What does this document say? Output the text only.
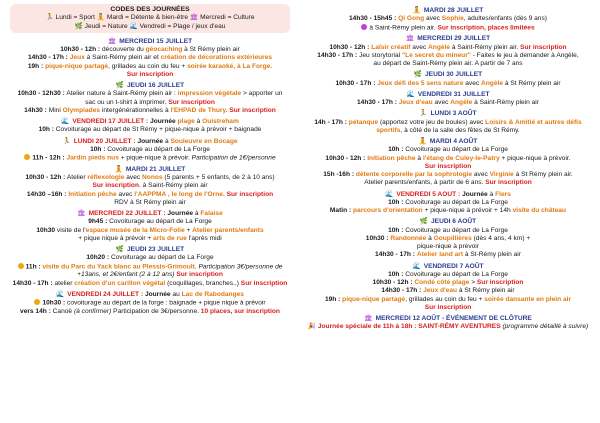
CODES DES JOURNÉES
🏃 Lundi = Sport 🧘 Mardi = Détente & bien-être 🏛 Mercredi = Culture
🌿 Jeudi = Nature 🌊 Vendredi = Plage / jeux d'eau
🏛 MERCREDI 15 JUILLET
10h30 - 12h : découverte du géocaching à St Rémy plein air
14h30 - 17h : Jeux à Saint-Rémy plein air et création de décorations extérieures
19h : pique-nique partagé, grillades au coin du feu + soirée karaoké, à La Forge.
Sur inscription
🌿 JEUDI 16 JUILLET
10h30 - 12h30 : Atelier nature à Saint-Rémy plein air : impression végétale > apporter un
sac ou un t-shirt à imprimer. Sur inscription
14h30 : Mini Olympiades intergénérationnelles à l'EHPAD de Thury. Sur inscription
🌊 VENDREDI 17 JUILLET : Journée plage à Ouistreham
10h : Covoiturage au départ de St Rémy + pique-nique à prévoir + baignade
🏃 LUNDI 20 JUILLET : Journée à Souleuvre en Bocage
10h : Covoiturage au départ de La Forge
11h - 12h : Jardin pieds nus + pique-nique à prévoir. Participation de 1€/personne
🧘 MARDI 21 JUILLET
10h30 - 12h : Atelier réflexologie avec Nonos (5 parents + 5 enfants, de 2 à 10 ans)
Sur inscription. à Saint-Rémy plein air
14h30 –16h : Initiation pêche avec l'AAPPMA , le long de l'Orne. Sur inscription
RDV à St Rémy plein air
🏛 MERCREDI 22 JUILLET : Journée à Falaise
9h45 : Covoiturage au départ de La Forge
10h30 visite de l'espace musée de la Micro-Folie + Atelier parents/enfants
+ pique nique à prévoir + arts de rue l'après midi
🌿 JEUDI 23 JUILLET
10h20 : Covoiturage au départ de La Forge
11h : visite du Parc du Yack blanc au Plessis-Grimoult. Participation 3€/personne de
+13ans, et 2€/enfant (2 à 12 ans) Sur inscription
14h30 - 17h : atelier création d'un carillon végétal (coquillages, branches..) Sur inscription
🌊 VENDREDI 24 JUILLET : Journée au Lac de Rabodanges
10h30 : covoiturage au départ de la forge : baignade + pique nique à prévoir
vers 14h : Canoë (à confirmer) Participation de 3€/personne. 10 places, sur inscription
🧘 MARDI 28 JUILLET
14h30 - 15h45 : Qi Gong avec Sophie, adultes/enfants (dès 9 ans)
à Saint-Rémy plein air. Sur inscription, places limitées
🏛 MERCREDI 29 JUILLET
10h30 - 12h : Laïsir créatif avec Angèle à Saint-Rémy plein air. Sur inscription
14h30 - 17h : Jeu storytorial "Le secret du mineur" - Faites le jeu à demander à Angèle,
au départ de Saint-Rémy plein air. A partir de 7 ans
🌿 JEUDI 30 JUILLET
10h30 - 17h : Jeux défi des 5 sens nature avec Angèle à St Rémy plein air
🌊 VENDREDI 31 JUILLET
14h30 - 17h : Jeux d'eau avec Angèle à Saint-Rémy plein air
🏃 LUNDI 3 AOÛT
14h - 17h : pétanque (apportez votre jeu de boules) avec Loisirs & Amitié et autres défis
sportifs, à côté de la salle des fêtes de St Rémy.
🧘 MARDI 4 AOÛT
10h : Covoiturage au départ de La Forge
10h30 - 12h : Initiation pêche à l'étang de Culey-le-Patry + pique-nique à prévoir.
Sur inscription
15h -16h : détente corporelle par la sophrologie avec Virginie à St Rémy plein air.
Atelier parents/enfants, à partir de 6 ans. Sur inscription
🌊 VENDREDI 5 AOUT : Journée à Flers
10h : Covoiturage au départ de La Forge
Matin : parcours d'orientation + pique-nique à prévoir + 14h visite du château
🌿 JEUDI 6 AOÛT
10h : Covoiturage au départ de La Forge
10h30 : Randonnée à Goupillières (dès 4 ans, 4 km) +
pique-nique à prévoir
14h30 - 17h : Atelier land art à St-Rémy plein air
🌊 VENDREDI 7 AOÛT
10h : Covoiturage au départ de La Forge
10h30 - 12h : Condé côté plage > Sur inscription
14h30 - 17h : Jeux d'eau à St Rémy plein air
19h : pique-nique partagé, grillades au coin du feu + soirée dansante en plein air
Sur inscription
🏛 MERCREDI 12 AOÛT - ÉVÉNEMENT DE CLÔTURE
🎉 Journée spéciale de 11h à 18h : SAINT-RÉMY AVENTURES (programme détaillé à suivre)
